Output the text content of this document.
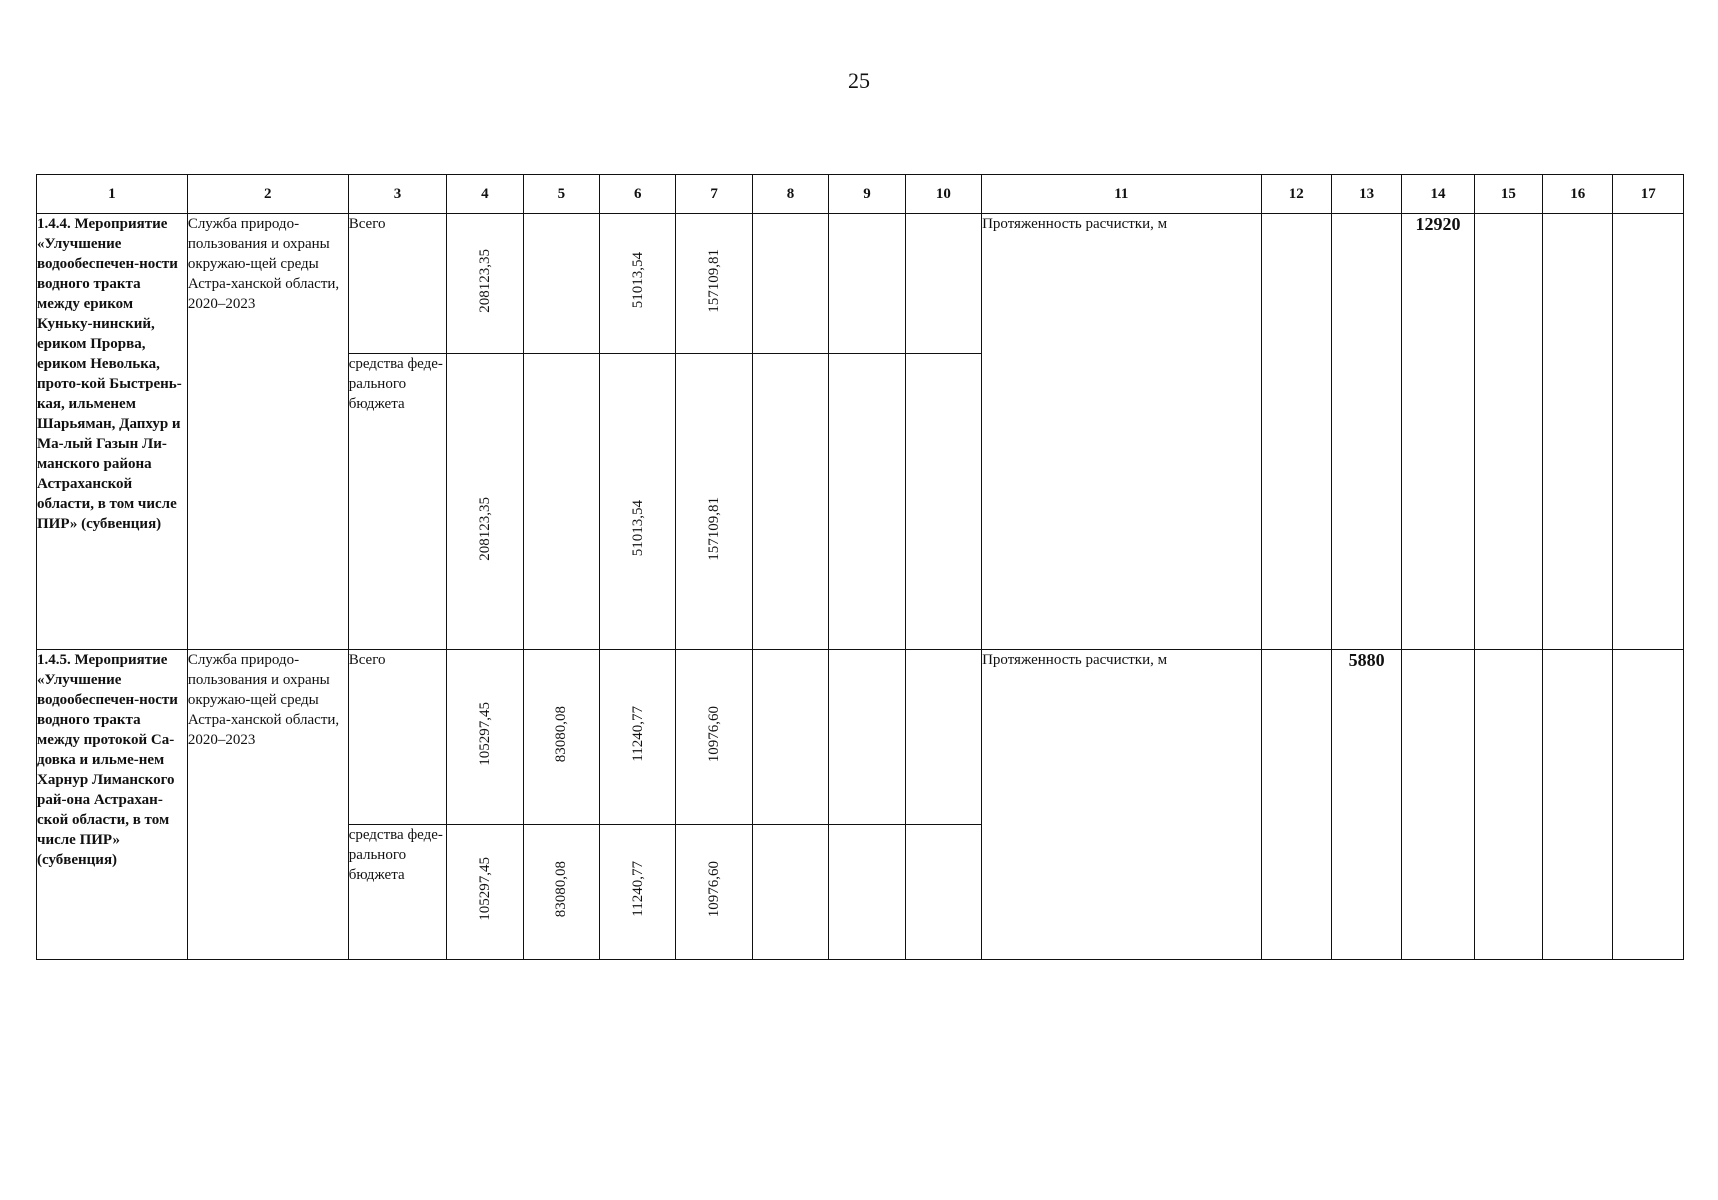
25
1	2	3	4	5	6	7	8	9	10	11	12	13	14	15	16	17
1.4.4. Мероприятие «Улучшение водообеспечен-ности водного тракта между ериком Куньку-нинский, ериком Прорва, ериком Неволька, прото-кой Быстрень-кая, ильменем Шарьяман, Дапхур и Ма-лый Газын Ли-манского района Астраханской области, в том числе ПИР» (субвенция)	Служба природо-пользования и охраны окружаю-щей среды Астра-ханской области, 2020–2023	Всего	208123,35		51013,54	157109,81				Протяженность расчистки, м			12920			
		средства феде-рального бюджета	208123,35		51013,54	157109,81										
1.4.5. Мероприятие «Улучшение водообеспечен-ности водного тракта между протокой Са-довка и ильме-нем Харнур Лиманского рай-она Астрахан-ской области, в том числе ПИР» (субвенция)	Служба природо-пользования и охраны окружаю-щей среды Астра-ханской области, 2020–2023	Всего	105297,45	83080,08	11240,77	10976,60				Протяженность расчистки, м		5880				
		средства феде-рального бюджета	105297,45	83080,08	11240,77	10976,60										
